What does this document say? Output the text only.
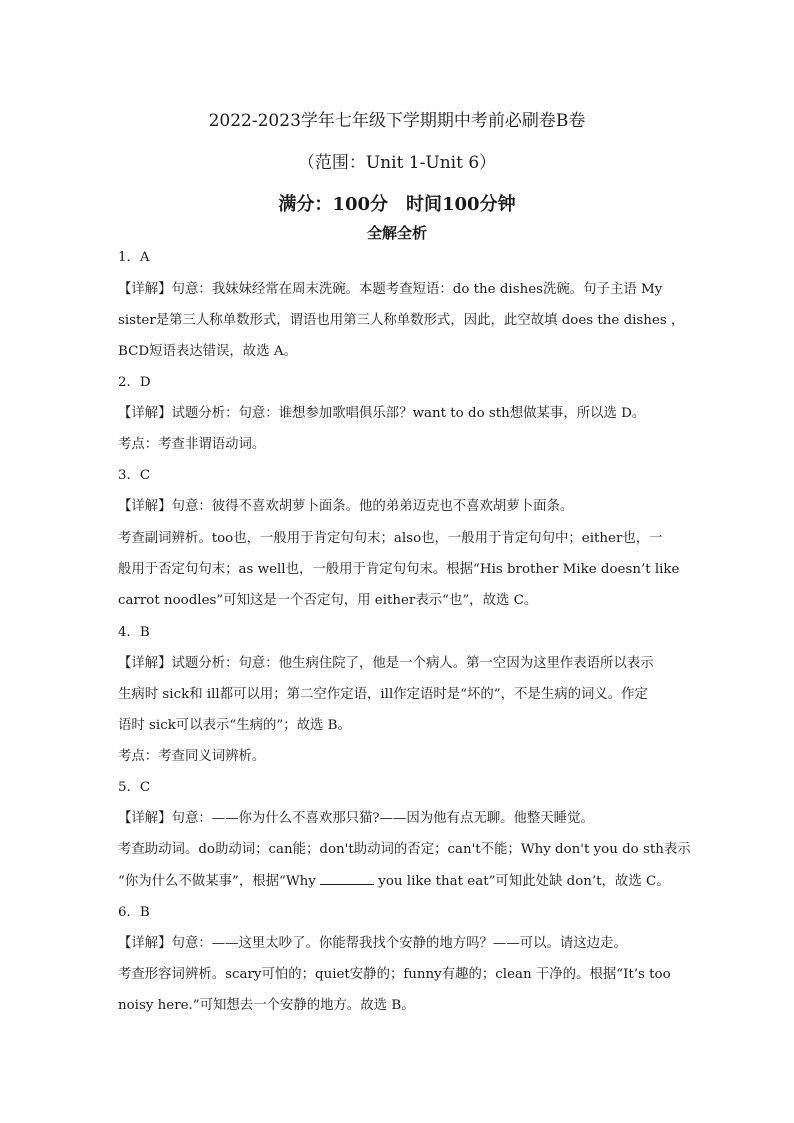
2022-2023学年七年级下学期期中考前必刷卷B卷
（范围：Unit 1-Unit 6）
满分：100分　时间100分钟
全解全析
1．A
【详解】句意：我妹妹经常在周末洗碗。本题考查短语：do the dishes洗碗。句子主语 My
sister是第三人称单数形式，谓语也用第三人称单数形式，因此，此空故填 does the dishes ，
BCD短语表达错误，故选 A。
2．D
【详解】试题分析：句意：谁想参加歌唱俱乐部？want to do sth想做某事，所以选 D。
考点：考查非谓语动词。
3．C
【详解】句意：彼得不喜欢胡萝卜面条。他的弟弟迈克也不喜欢胡萝卜面条。
考查副词辨析。too也，一般用于肯定句句末；also也，一般用于肯定句句中；either也，一
般用于否定句句末；as well也，一般用于肯定句句末。根据“His brother Mike doesn’t like
carrot noodles”可知这是一个否定句，用 either表示“也”，故选 C。
4．B
【详解】试题分析：句意：他生病住院了，他是一个病人。第一空因为这里作表语所以表示
生病时 sick和 ill都可以用；第二空作定语，ill作定语时是“坏的”，不是生病的词义。作定
语时 sick可以表示“生病的”；故选 B。
考点：考查同义词辨析。
5．C
【详解】句意：——你为什么不喜欢那只猫?——因为他有点无聊。他整天睡觉。
考查助动词。do助动词；can能；don't助动词的否定；can't不能；Why don't you do sth表示
“你为什么不做某事”，根据“Why	you like that eat”可知此处缺 don’t，故选 C。
6．B
【详解】句意：——这里太吵了。你能帮我找个安静的地方吗？——可以。请这边走。
考查形容词辨析。scary可怕的；quiet安静的；funny有趣的；clean 干净的。根据“It’s too
noisy here.”可知想去一个安静的地方。故选 B。
